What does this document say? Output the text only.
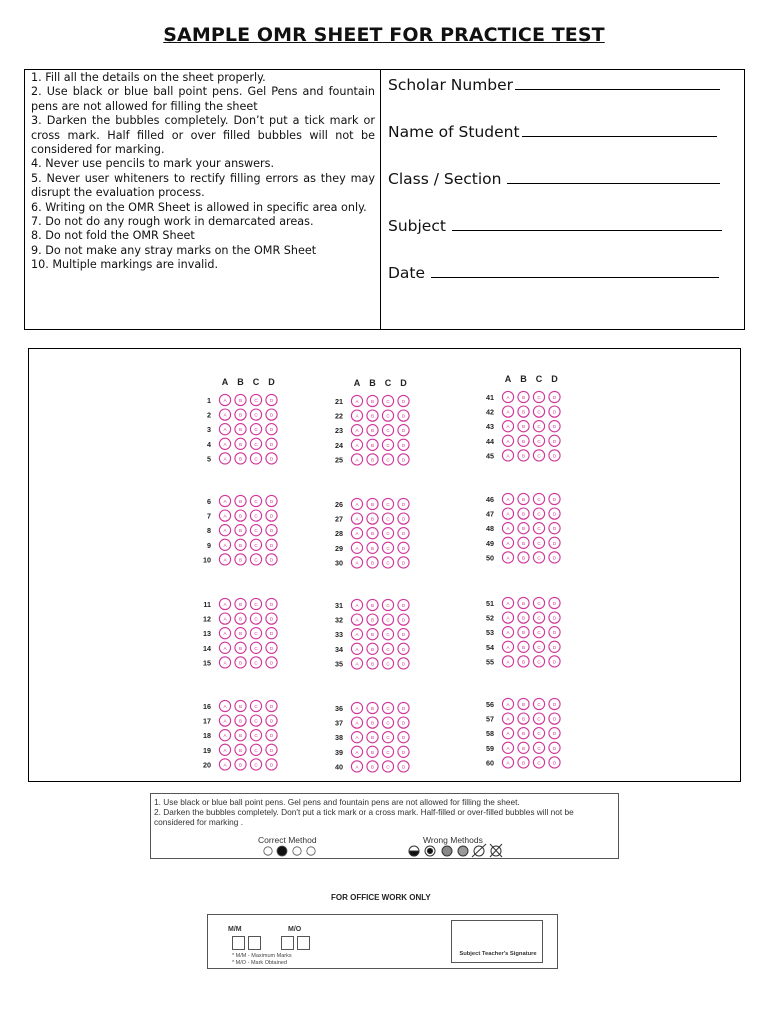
SAMPLE OMR SHEET FOR PRACTICE TEST
1. Fill all the details on the sheet properly.
2. Use black or blue ball point pens. Gel Pens and fountain pens are not allowed for filling the sheet
3. Darken the bubbles completely. Don’t put a tick mark or cross mark. Half filled or over filled bubbles will not be considered for marking.
4. Never use pencils to mark your answers.
5. Never user whiteners to rectify filling errors as they may disrupt the evaluation process.
6. Writing on the OMR Sheet is allowed in specific area only.
7. Do not do any rough work in demarcated areas.
8. Do not fold the OMR Sheet
9. Do not make any stray marks on the OMR Sheet
10. Multiple markings are invalid.
Scholar Number
Name of Student
Class / Section
Subject
Date
A B C D
1	A	B	C	D
2	A	B	C	D
3	A	B	C	D
4	A	B	C	D
5	A	B	C	D
6	A	B	C	D
7	A	B	C	D
8	A	B	C	D
9	A	B	C	D
10	A	B	C	D
11	A	B	C	D
12	A	B	C	D
13	A	B	C	D
14	A	B	C	D
15	A	B	C	D
16	A	B	C	D
17	A	B	C	D
18	A	B	C	D
19	A	B	C	D
20	A	B	C	D
A B C D
21	A	B	C	D
22	A	B	C	D
23	A	B	C	D
24	A	B	C	D
25	A	B	C	D
26	A	B	C	D
27	A	B	C	D
28	A	B	C	D
29	A	B	C	D
30	A	B	C	D
31	A	B	C	D
32	A	B	C	D
33	A	B	C	D
34	A	B	C	D
35	A	B	C	D
36	A	B	C	D
37	A	B	C	D
38	A	B	C	D
39	A	B	C	D
40	A	B	C	D
A B C D
41	A	B	C	D
42	A	B	C	D
43	A	B	C	D
44	A	B	C	D
45	A	B	C	D
46	A	B	C	D
47	A	B	C	D
48	A	B	C	D
49	A	B	C	D
50	A	B	C	D
51	A	B	C	D
52	A	B	C	D
53	A	B	C	D
54	A	B	C	D
55	A	B	C	D
56	A	B	C	D
57	A	B	C	D
58	A	B	C	D
59	A	B	C	D
60	A	B	C	D
1. Use black or blue ball point pens. Gel pens and fountain pens are not allowed for filling the sheet.
2. Darken the bubbles completely. Don't put a tick mark or a cross mark. Half-filled or over-filled bubbles will not be considered for marking .
Correct Method	Wrong Methods
FOR OFFICE WORK ONLY
M/M	M/O
* M/M - Maximum Marks
* M/O - Mark Obtained
Subject Teacher's Signature
